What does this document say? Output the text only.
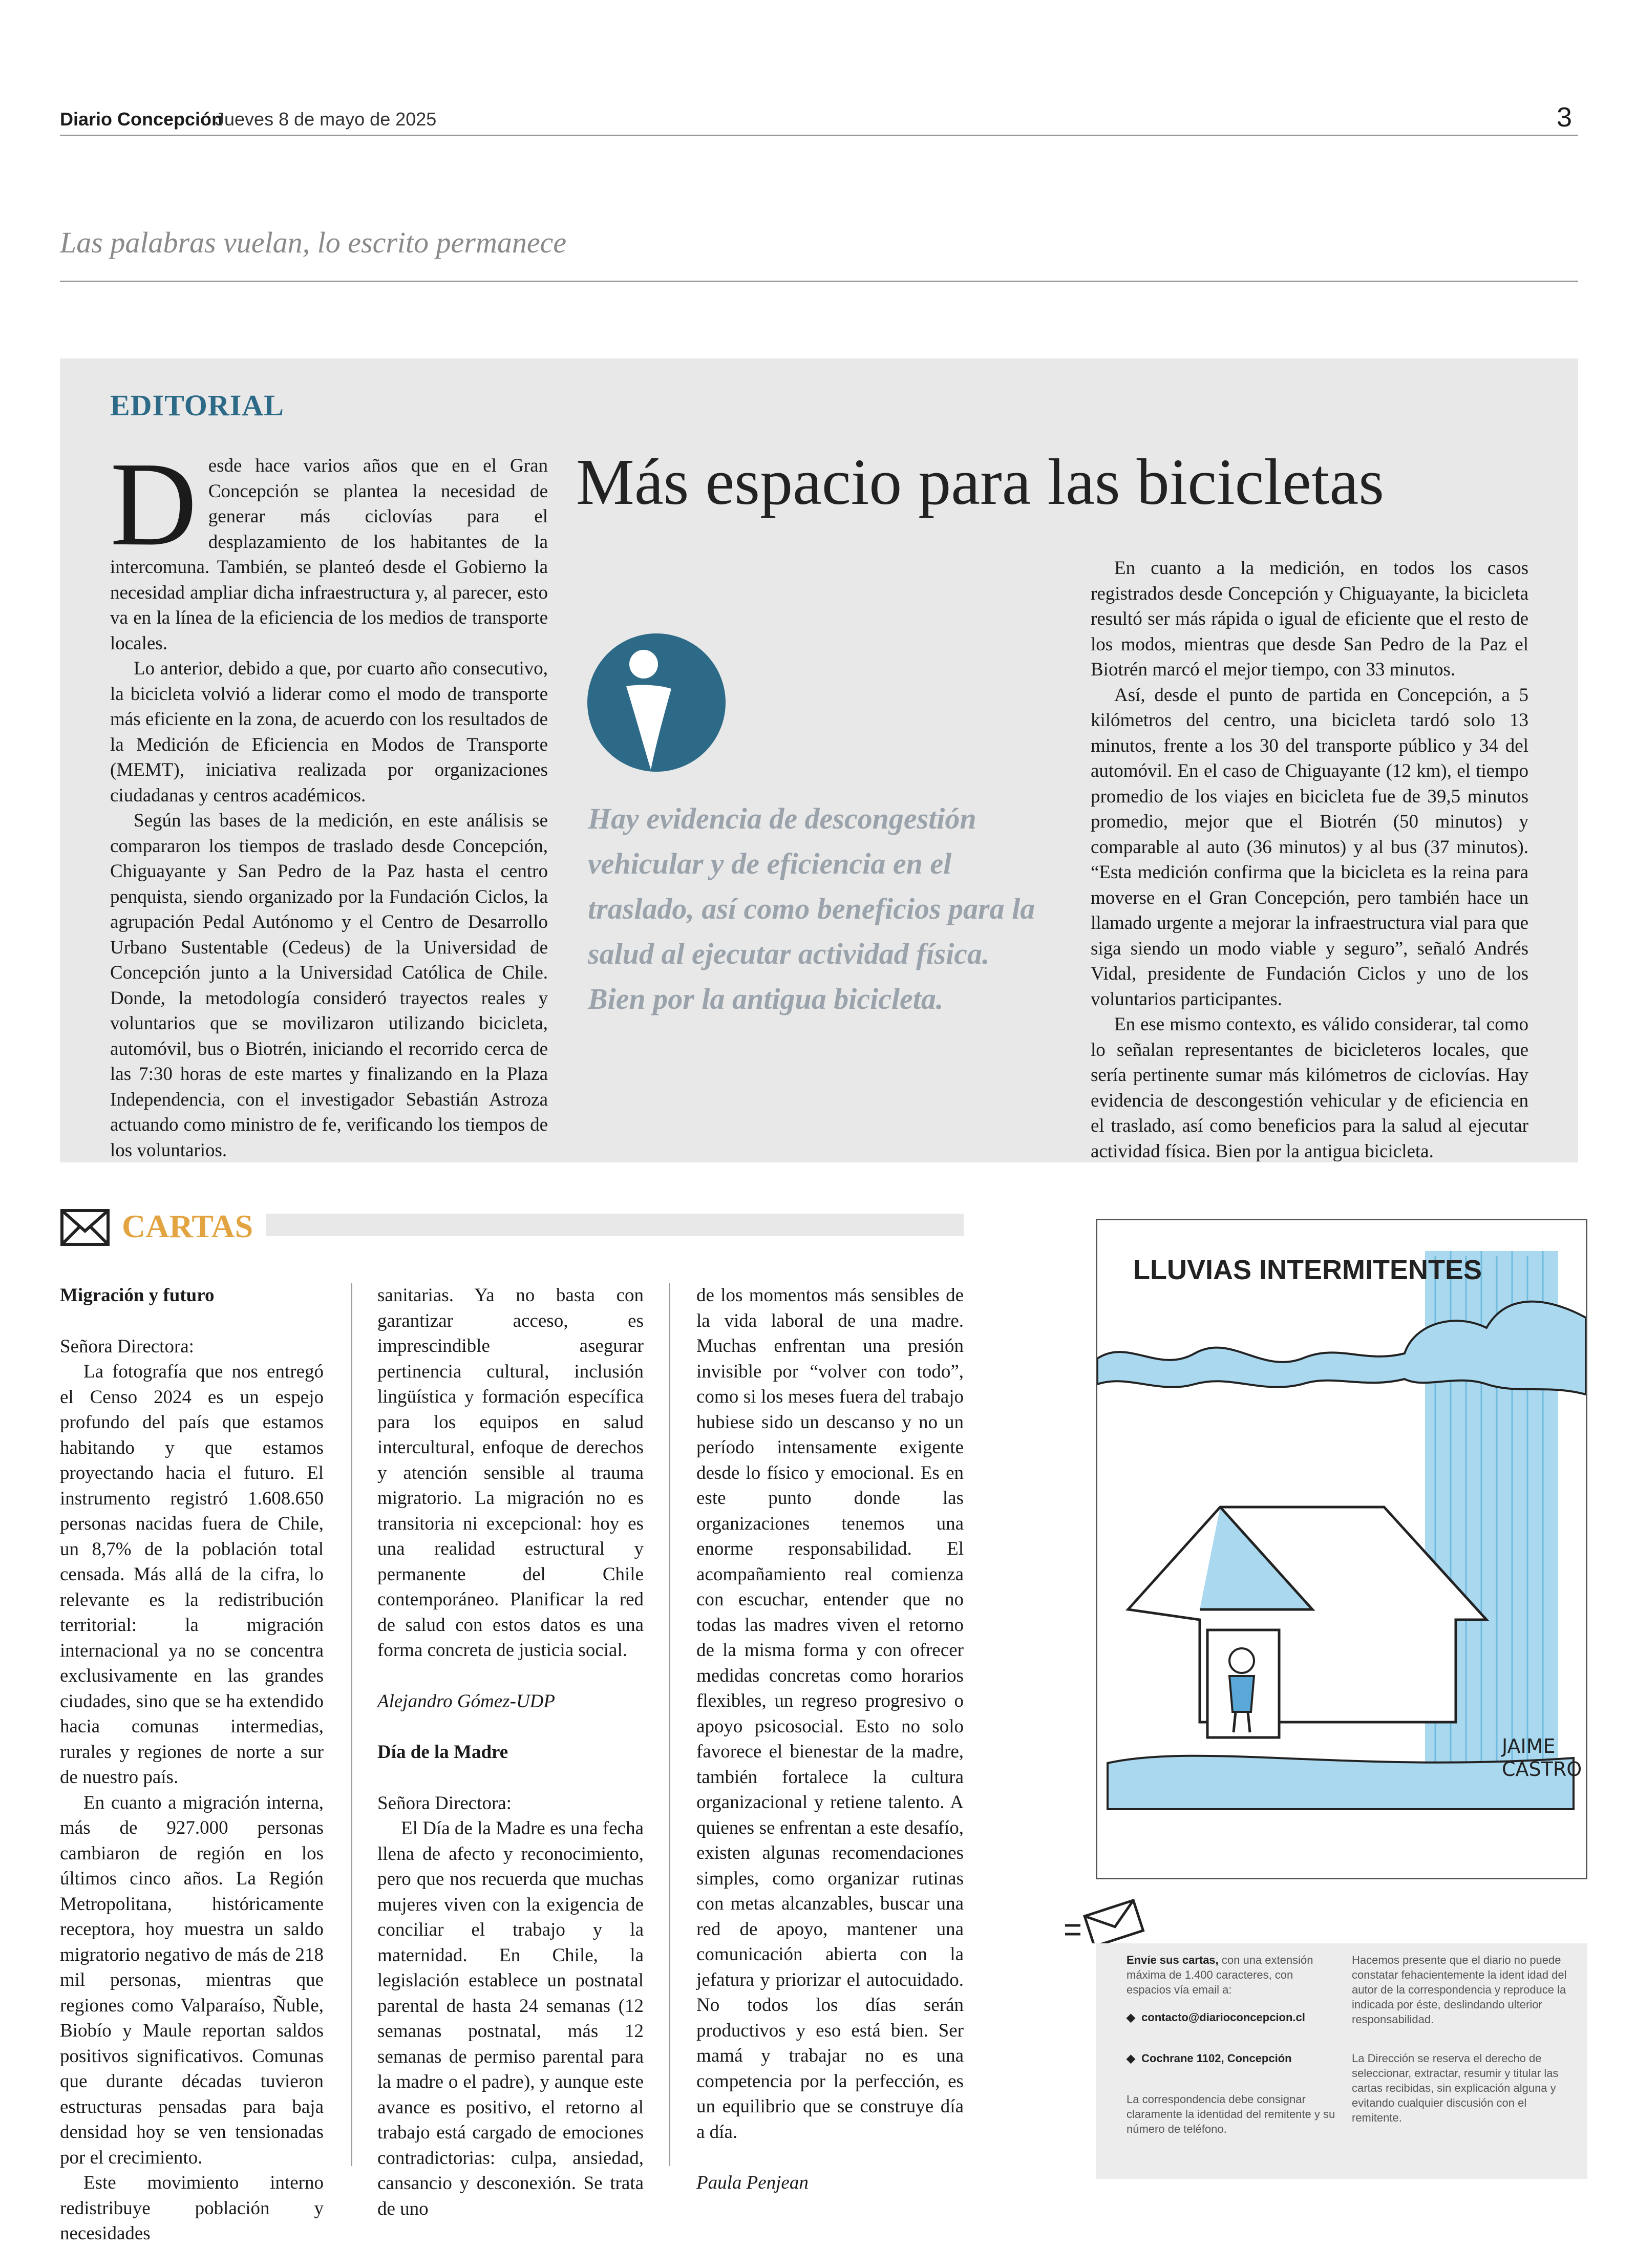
Diario Concepción
Jueves 8 de mayo de 2025	3
Las palabras vuelan, lo escrito permanece
EDITORIAL
Más espacio para las bicicletas

Desde hace varios años que en el Gran Concepción se plantea la necesidad de generar más ciclovías para el desplazamiento de los habitantes de la intercomuna. También, se planteó desde el Gobierno la necesidad ampliar dicha infraestructura y, al parecer, esto va en la línea de la eficiencia de los medios de transporte locales.

Lo anterior, debido a que, por cuarto año consecutivo, la bicicleta volvió a liderar como el modo de transporte más eficiente en la zona, de acuerdo con los resultados de la Medición de Eficiencia en Modos de Transporte (MEMT), iniciativa realizada por organizaciones ciudadanas y centros académicos.

Según las bases de la medición, en este análisis se compararon los tiempos de traslado desde Concepción, Chiguayante y San Pedro de la Paz hasta el centro penquista, siendo organizado por la Fundación Ciclos, la agrupación Pedal Autónomo y el Centro de Desarrollo Urbano Sustentable (Cedeus) de la Universidad de Concepción junto a la Universidad Católica de Chile. Donde, la metodología consideró trayectos reales y voluntarios que se movilizaron utilizando bicicleta, automóvil, bus o Biotrén, iniciando el recorrido cerca de las 7:30 horas de este martes y finalizando en la Plaza Independencia, con el investigador Sebastián Astroza actuando como ministro de fe, verificando los tiempos de los voluntarios.

Hay evidencia de descongestión vehicular y de eficiencia en el traslado, así como beneficios para la salud al ejecutar actividad física. Bien por la antigua bicicleta.

En cuanto a la medición, en todos los casos registrados desde Concepción y Chiguayante, la bicicleta resultó ser más rápida o igual de eficiente que el resto de los modos, mientras que desde San Pedro de la Paz el Biotrén marcó el mejor tiempo, con 33 minutos.

Así, desde el punto de partida en Concepción, a 5 kilómetros del centro, una bicicleta tardó solo 13 minutos, frente a los 30 del transporte público y 34 del automóvil. En el caso de Chiguayante (12 km), el tiempo promedio de los viajes en bicicleta fue de 39,5 minutos promedio, mejor que el Biotrén (50 minutos) y comparable al auto (36 minutos) y al bus (37 minutos). “Esta medición confirma que la bicicleta es la reina para moverse en el Gran Concepción, pero también hace un llamado urgente a mejorar la infraestructura vial para que siga siendo un modo viable y seguro”, señaló Andrés Vidal, presidente de Fundación Ciclos y uno de los voluntarios participantes.

En ese mismo contexto, es válido considerar, tal como lo señalan representantes de bicicleteros locales, que sería pertinente sumar más kilómetros de ciclovías. Hay evidencia de descongestión vehicular y de eficiencia en el traslado, así como beneficios para la salud al ejecutar actividad física. Bien por la antigua bicicleta.

CARTAS

Migración y futuro

Señora Directora:

La fotografía que nos entregó el Censo 2024 es un espejo profundo del país que estamos habitando y que estamos proyectando hacia el futuro. El instrumento registró 1.608.650 personas nacidas fuera de Chile, un 8,7% de la población total censada. Más allá de la cifra, lo relevante es la redistribución territorial: la migración internacional ya no se concentra exclusivamente en las grandes ciudades, sino que se ha extendido hacia comunas intermedias, rurales y regiones de norte a sur de nuestro país.

En cuanto a migración interna, más de 927.000 personas cambiaron de región en los últimos cinco años. La Región Metropolitana, históricamente receptora, hoy muestra un saldo migratorio negativo de más de 218 mil personas, mientras que regiones como Valparaíso, Ñuble, Biobío y Maule reportan saldos positivos significativos. Comunas que durante décadas tuvieron estructuras pensadas para baja densidad hoy se ven tensionadas por el crecimiento.

Este movimiento interno redistribuye población y necesidades

sanitarias. Ya no basta con garantizar acceso, es imprescindible asegurar pertinencia cultural, inclusión lingüística y formación específica para los equipos en salud intercultural, enfoque de derechos y atención sensible al trauma migratorio. La migración no es transitoria ni excepcional: hoy es una realidad estructural y permanente del Chile contemporáneo. Planificar la red de salud con estos datos es una forma concreta de justicia social.

Alejandro Gómez-UDP

Día de la Madre

Señora Directora:

El Día de la Madre es una fecha llena de afecto y reconocimiento, pero que nos recuerda que muchas mujeres viven con la exigencia de conciliar el trabajo y la maternidad. En Chile, la legislación establece un postnatal parental de hasta 24 semanas (12 semanas postnatal, más 12 semanas de permiso parental para la madre o el padre), y aunque este avance es positivo, el retorno al trabajo está cargado de emociones contradictorias: culpa, ansiedad, cansancio y desconexión. Se trata de uno

de los momentos más sensibles de la vida laboral de una madre. Muchas enfrentan una presión invisible por “volver con todo”, como si los meses fuera del trabajo hubiese sido un descanso y no un período intensamente exigente desde lo físico y emocional. Es en este punto donde las organizaciones tenemos una enorme responsabilidad. El acompañamiento real comienza con escuchar, entender que no todas las madres viven el retorno de la misma forma y con ofrecer medidas concretas como horarios flexibles, un regreso progresivo o apoyo psicosocial. Esto no solo favorece el bienestar de la madre, también fortalece la cultura organizacional y retiene talento. A quienes se enfrentan a este desafío, existen algunas recomendaciones simples, como organizar rutinas con metas alcanzables, buscar una red de apoyo, mantener una comunicación abierta con la jefatura y priorizar el autocuidado. No todos los días serán productivos y eso está bien. Ser mamá y trabajar no es una competencia por la perfección, es un equilibrio que se construye día a día.

Paula Penjean

LLUVIAS INTERMITENTES
JAIME
CASTRO
Envíe sus cartas, con una extensión máxima de 1.400 caracteres, con espacios vía email a:
◆  contacto@diarioconcepcion.cl
◆  Cochrane 1102, Concepción
La correspondencia debe consignar claramente la identidad del remitente y su número de teléfono.
Hacemos presente que el diario no puede constatar fehacientemente la ident idad del autor de la correspondencia y reproduce la indicada por éste, deslindando ulterior responsabilidad.
La Dirección se reserva el derecho de seleccionar, extractar, resumir y titular las cartas recibidas, sin explicación alguna y evitando cualquier discusión con el remitente.
